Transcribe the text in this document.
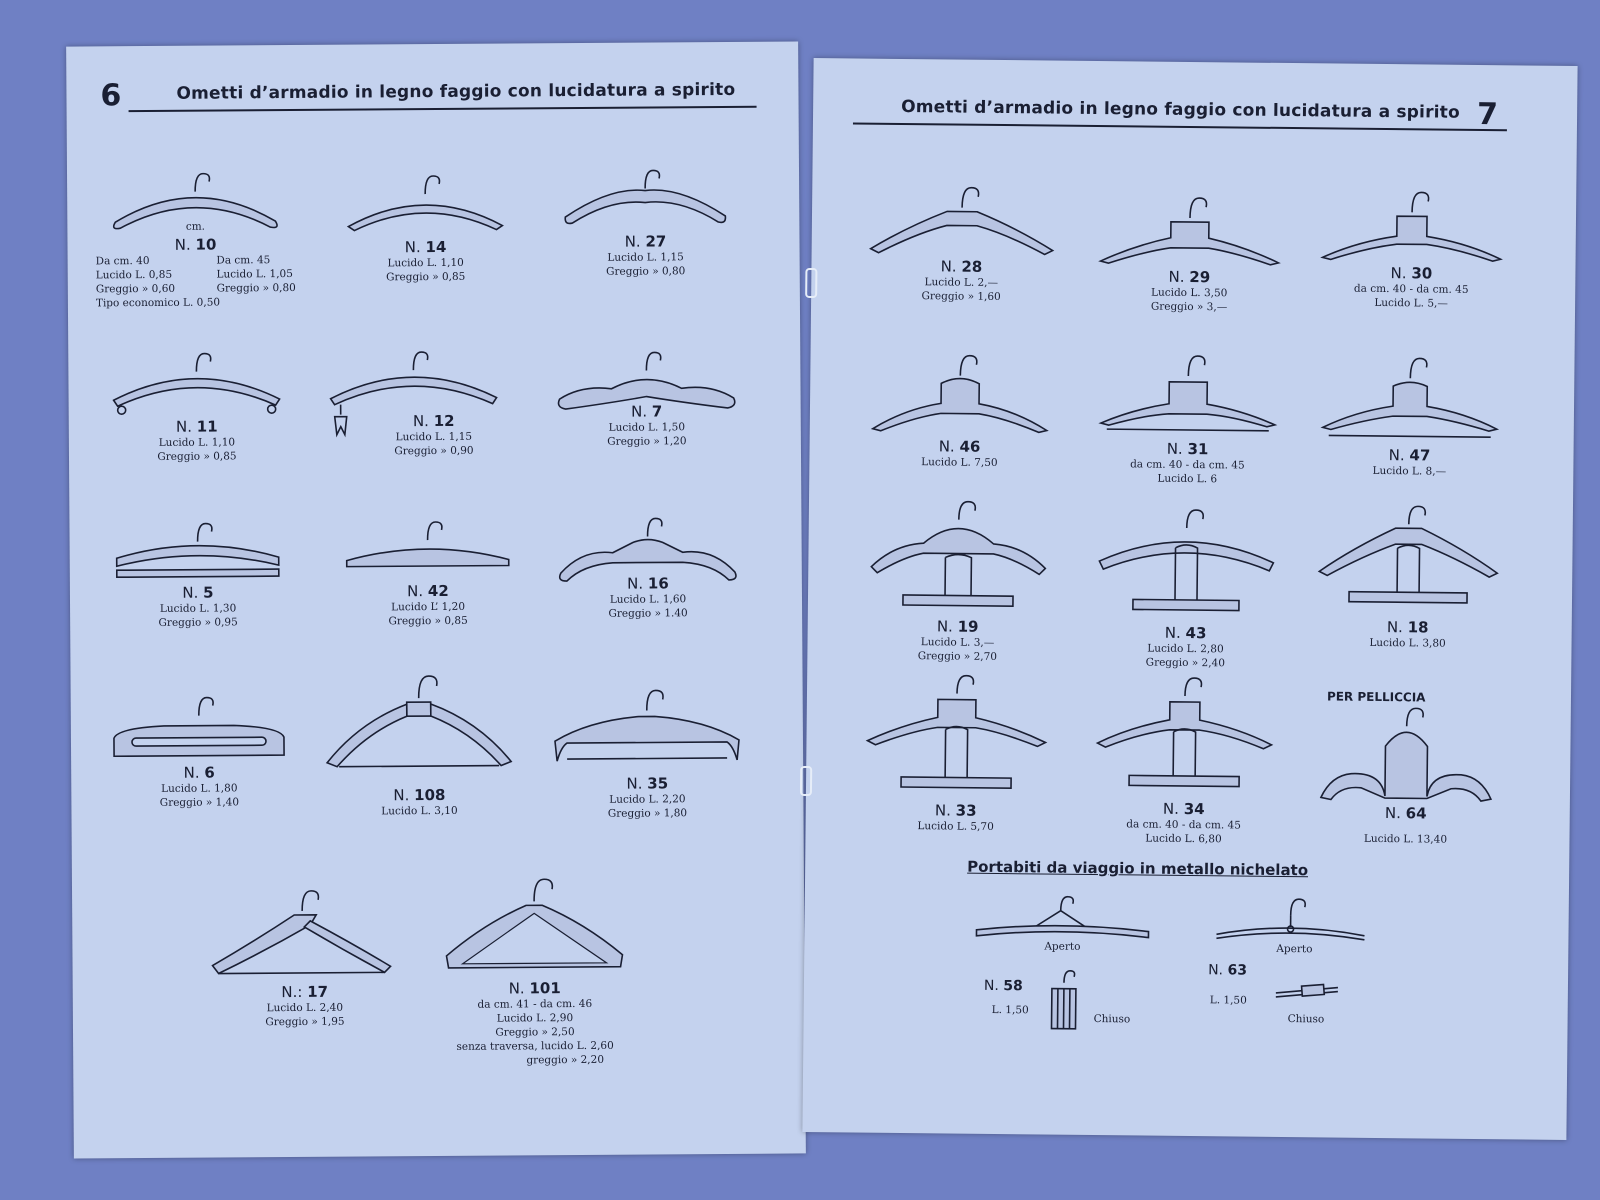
6	Ometti d’armadio in legno faggio con lucidatura a spirito
cm.
N. 10
Da cm. 40
Lucido L. 0,85
Greggio » 0,60
Da cm. 45
Lucido L. 1,05
Greggio » 0,80
Tipo economico L. 0,50
N. 14
Lucido L. 1,10
Greggio » 0,85
N. 27
Lucido L. 1,15
Greggio » 0,80
N. 11
Lucido L. 1,10
Greggio » 0,85
N. 12
Lucido L. 1,15
Greggio » 0,90
N. 7
Lucido L. 1,50
Greggio » 1,20
N. 5
Lucido L. 1,30
Greggio » 0,95
N. 42
Lucido L’ 1,20
Greggio » 0,85
N. 16
Lucido L. 1,60
Greggio » 1.40
N. 6
Lucido L. 1,80
Greggio » 1,40	N. 108
Lucido L. 3,10
N. 35
Lucido L. 2,20
Greggio » 1,80
N.: 17
Lucido L. 2,40
Greggio » 1,95
N. 101
da cm. 41 - da cm. 46
Lucido L. 2,90
Greggio » 2,50
senza traversa, lucido L. 2,60
greggio » 2,20
Ometti d’armadio in legno faggio con lucidatura a spirito 7
N. 28
Lucido L. 2,—
Greggio » 1,60
N. 29
Lucido L. 3,50
Greggio » 3,—
N. 30
da cm. 40 - da cm. 45
Lucido L. 5,—
N. 46
Lucido L. 7,50
N. 31
da cm. 40 - da cm. 45
Lucido L. 6
N. 47
Lucido L. 8,—
N. 19
Lucido L. 3,—
Greggio » 2,70
N. 43
Lucido L. 2,80
Greggio » 2,40
N. 18
Lucido L. 3,80
N. 33
Lucido L. 5,70
N. 34
da cm. 40 - da cm. 45
Lucido L. 6,80
PER PELLICCIA
N. 64
Lucido L. 13,40
Portabiti da viaggio in metallo nichelato
Aperto
N. 58
L. 1,50
Chiuso
Aperto
N. 63
L. 1,50
Chiuso
